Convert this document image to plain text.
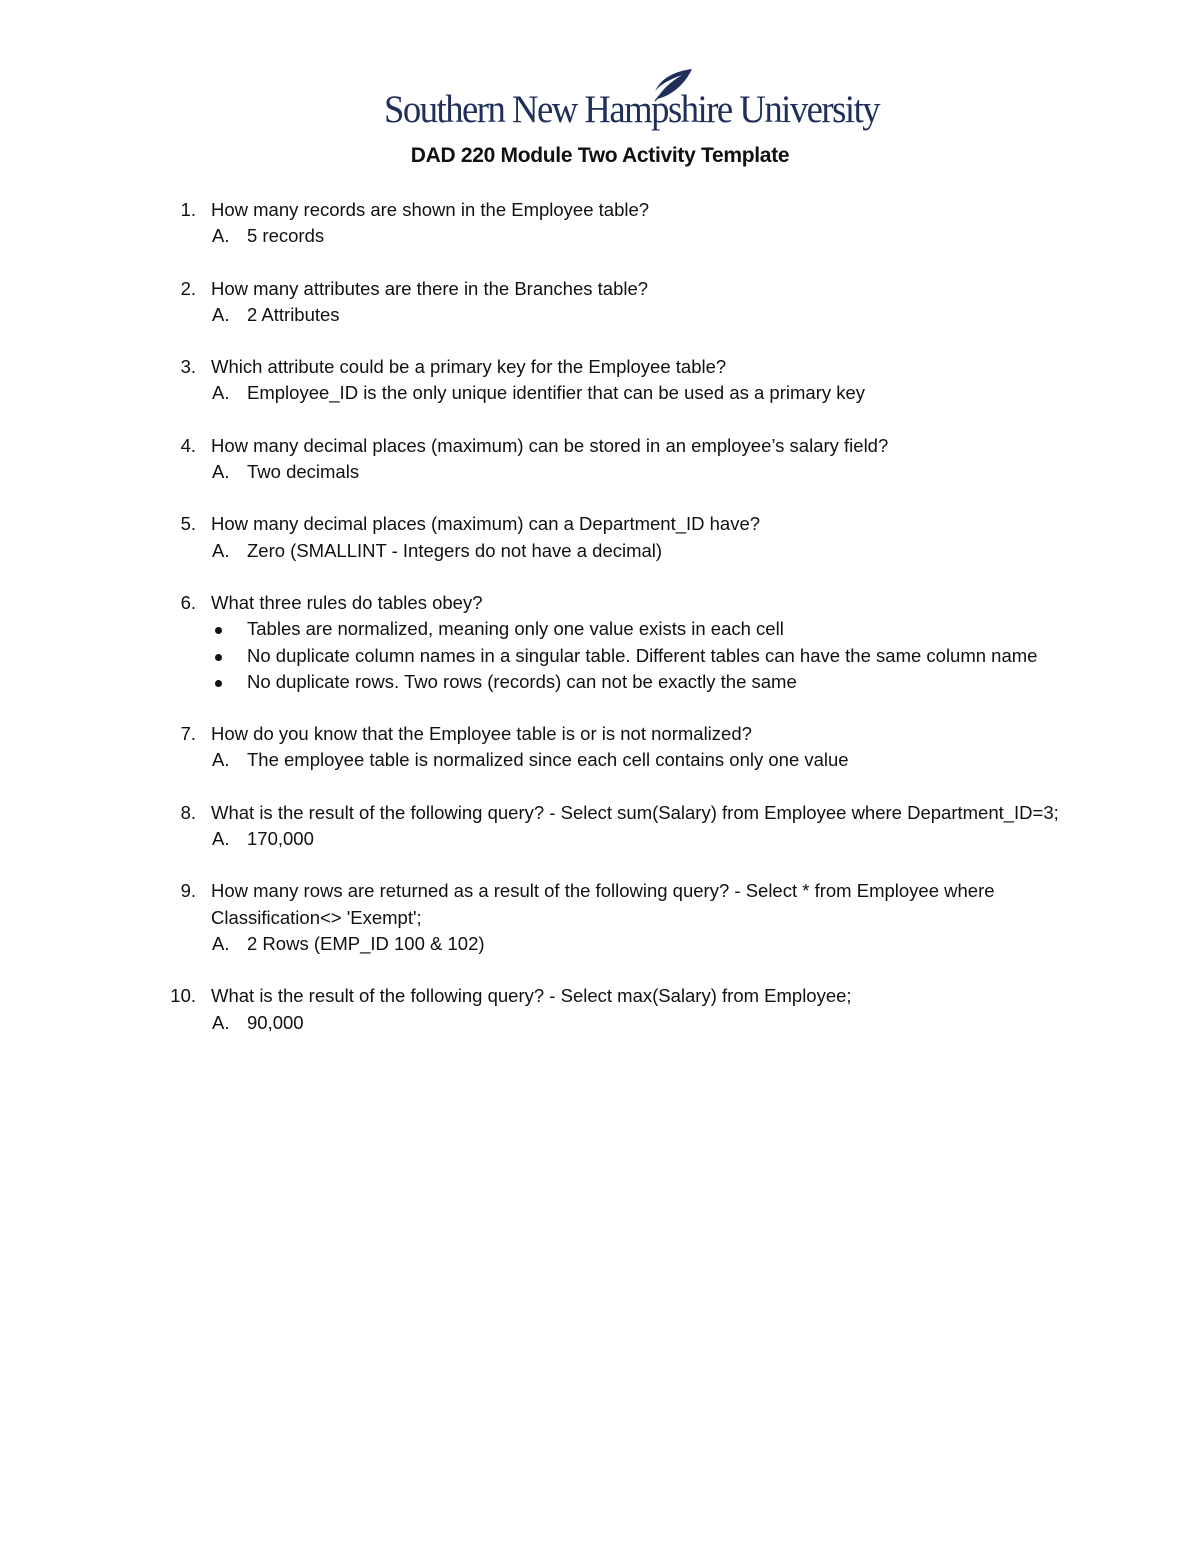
Southern New Hampshire University
DAD 220 Module Two Activity Template
1. How many records are shown in the Employee table?
A. 5 records
2. How many attributes are there in the Branches table?
A. 2 Attributes
3. Which attribute could be a primary key for the Employee table?
A. Employee_ID is the only unique identifier that can be used as a primary key
4. How many decimal places (maximum) can be stored in an employee’s salary field?
A. Two decimals
5. How many decimal places (maximum) can a Department_ID have?
A. Zero (SMALLINT - Integers do not have a decimal)
6. What three rules do tables obey?
Tables are normalized, meaning only one value exists in each cell
No duplicate column names in a singular table. Different tables can have the same column name
No duplicate rows. Two rows (records) can not be exactly the same
7. How do you know that the Employee table is or is not normalized?
A. The employee table is normalized since each cell contains only one value
8. What is the result of the following query? - Select sum(Salary) from Employee where Department_ID=3;
A. 170,000
9. How many rows are returned as a result of the following query? - Select * from Employee where Classification<> 'Exempt';
A. 2 Rows (EMP_ID 100 & 102)
10. What is the result of the following query? - Select max(Salary) from Employee;
A. 90,000
